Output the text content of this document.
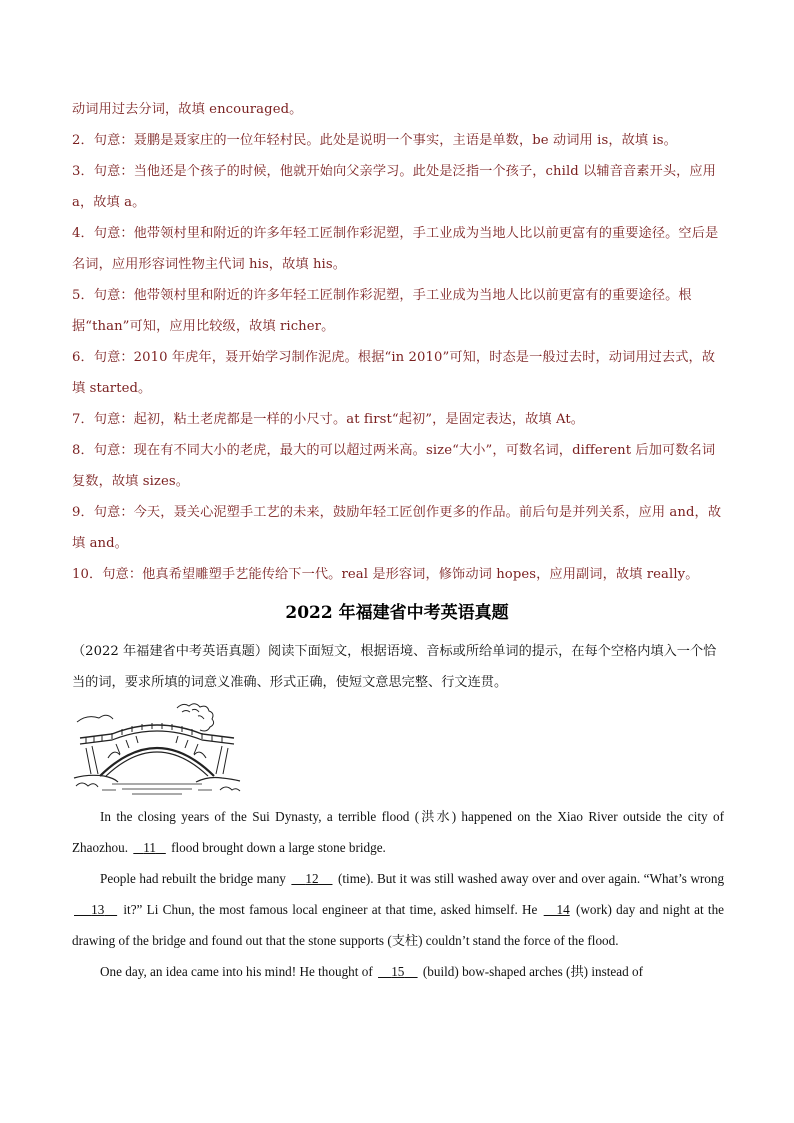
动词用过去分词，故填 encouraged。

2．句意：聂鹏是聂家庄的一位年轻村民。此处是说明一个事实，主语是单数，be 动词用 is，故填 is。

3．句意：当他还是个孩子的时候，他就开始向父亲学习。此处是泛指一个孩子，child 以辅音音素开头，应用 a，故填 a。

4．句意：他带领村里和附近的许多年轻工匠制作彩泥塑，手工业成为当地人比以前更富有的重要途径。空后是名词，应用形容词性物主代词 his，故填 his。

5．句意：他带领村里和附近的许多年轻工匠制作彩泥塑，手工业成为当地人比以前更富有的重要途径。根据“than”可知，应用比较级，故填 richer。

6．句意：2010 年虎年，聂开始学习制作泥虎。根据“in 2010”可知，时态是一般过去时，动词用过去式，故填 started。

7．句意：起初，粘土老虎都是一样的小尺寸。at first“起初”，是固定表达，故填 At。

8．句意：现在有不同大小的老虎，最大的可以超过两米高。size“大小”，可数名词，different 后加可数名词复数，故填 sizes。

9．句意：今天，聂关心泥塑手工艺的未来，鼓励年轻工匠创作更多的作品。前后句是并列关系，应用 and，故填 and。

10．句意：他真希望雕塑手艺能传给下一代。real 是形容词，修饰动词 hopes，应用副词，故填 really。

2022 年福建省中考英语真题

（2022 年福建省中考英语真题）阅读下面短文，根据语境、音标或所给单词的提示，在每个空格内填入一个恰当的词，要求所填的词意义准确、形式正确，使短文意思完整、行文连贯。

In the closing years of the Sui Dynasty, a terrible flood (洪水) happened on the Xiao River outside the city of Zhaozhou. 11 flood brought down a large stone bridge.

People had rebuilt the bridge many 12 (time). But it was still washed away over and over again. “What’s wrong     13 it?” Li Chun, the most famous local engineer at that time, asked himself. He 14 (work) day and night at the drawing of the bridge and found out that the stone supports (支柱) couldn’t stand the force of the flood.

One day, an idea came into his mind! He thought of 15 (build) bow-shaped arches (拱) instead of
